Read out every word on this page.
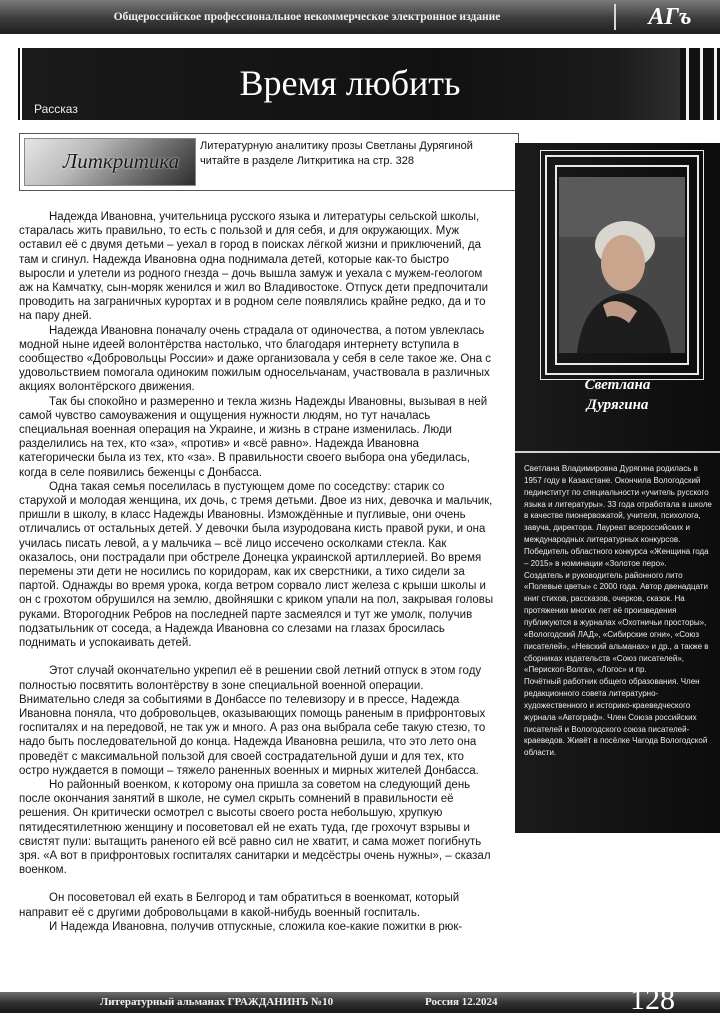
Общероссийское профессиональное некоммерческое электронное издание	АГъ
Время любить
Рассказ
Литкритика
Литературную аналитику прозы Светланы Дурягиной читайте в разделе Литкритика на стр. 328

Надежда Ивановна, учительница русского языка и литературы сельской школы, старалась жить правильно, то есть с пользой и для себя, и для окружающих. Муж оставил её с двумя детьми – уехал в город в поисках лёгкой жизни и приключений, да там и сгинул. Надежда Ивановна одна поднимала детей, которые как-то быстро выросли и улетели из родного гнезда – дочь вышла замуж и уехала с мужем-геологом аж на Камчатку, сын-моряк женился и жил во Владивостоке. Отпуск дети предпочитали проводить на заграничных курортах и в родном селе появлялись крайне редко, да и то на пару дней.

Надежда Ивановна поначалу очень страдала от одиночества, а потом увлеклась модной ныне идеей волонтёрства настолько, что благодаря интернету вступила в сообщество «Добровольцы России» и даже организовала у себя в селе такое же. Она с удовольствием помогала одиноким пожилым односельчанам, участвовала в различных акциях волонтёрского движения.

Так бы спокойно и размеренно и текла жизнь Надежды Ивановны, вызывая в ней самой чувство самоуважения и ощущения нужности людям, но тут началась специальная военная операция на Украине, и жизнь в стране изменилась. Люди разделились на тех, кто «за», «против» и «всё равно». Надежда Ивановна категорически была из тех, кто «за». В правильности своего выбора она убедилась, когда в селе появились беженцы с Донбасса.

Одна такая семья поселилась в пустующем доме по соседству: старик со старухой и молодая женщина, их дочь, с тремя детьми. Двое из них, девочка и мальчик, пришли в школу, в класс Надежды Ивановны. Измождённые и пугливые, они очень отличались от остальных детей. У девочки была изуродована кисть правой руки, и она училась писать левой, а у мальчика – всё лицо иссечено осколками стекла. Как оказалось, они пострадали при обстреле Донецка украинской артиллерией. Во время перемены эти дети не носились по коридорам, как их сверстники, а тихо сидели за партой. Однажды во время урока, когда ветром сорвало лист железа с крыши школы и он с грохотом обрушился на землю, двойняшки с криком упали на пол, закрывая головы руками. Второгодник Ребров на последней парте засмеялся и тут же умолк, получив подзатыльник от соседа, а Надежда Ивановна со слезами на глазах бросилась поднимать и успокаивать детей.

Этот случай окончательно укрепил её в решении свой летний отпуск в этом году полностью посвятить волонтёрству в зоне специальной военной операции. Внимательно следя за событиями в Донбассе по телевизору и в прессе, Надежда Ивановна поняла, что добровольцев, оказывающих помощь раненым в прифронтовых госпиталях и на передовой, не так уж и много. А раз она выбрала себе такую стезю, то надо быть последовательной до конца. Надежда Ивановна решила, что это лето она проведёт с максимальной пользой для своей сострадательной души и для тех, кто остро нуждается в помощи – тяжело раненных военных и мирных жителей Донбасса.

Но районный военком, к которому она пришла за советом на следующий день после окончания занятий в школе, не сумел скрыть сомнений в правильности её решения. Он критически осмотрел с высоты своего роста небольшую, хрупкую пятидесятилетнюю женщину и посоветовал ей не ехать туда, где грохочут взрывы и свистят пули: вытащить раненого ей всё равно сил не хватит, и сама может погибнуть зря. «А вот в прифронтовых госпиталях санитарки и медсёстры очень нужны», – сказал военком.

Он посоветовал ей ехать в Белгород и там обратиться в военкомат, который направит её с другими добровольцами в какой-нибудь военный госпиталь.

И Надежда Ивановна, получив отпускные, сложила кое-какие пожитки в рюк-

Светлана
Дурягина

Светлана Владимировна Дурягина родилась в 1957 году в Казахстане. Окончила Вологодский пединститут по специальности «учитель русского языка и литературы». 33 года отработала в школе в качестве пионервожатой, учителя, психолога, завуча, директора. Лауреат всероссийских и международных литературных конкурсов. Победитель областного конкурса «Женщина года – 2015» в номинации «Золотое перо».

Создатель и руководитель районного лито «Полевые цветы» с 2000 года. Автор двенадцати книг стихов, рассказов, очерков, сказок. На протяжении многих лет её произведения публикуются в журналах «Охотничьи просторы», «Вологодский ЛАД», «Сибирские огни», «Союз писателей», «Невский альманах» и др., а также в сборниках издательств «Союз писателей», «Перископ-Волга», «Логос» и пр.

Почётный работник общего образования. Член редакционного совета литературно-художественного и историко-краеведческого журнала «Автограф». Член Союза российских писателей и Вологодского союза писателей-краеведов. Живёт в посёлке Чагода Вологодской области.

Литературный альманах ГРАЖДАНИНЪ №10	Россия 12.2024	128
